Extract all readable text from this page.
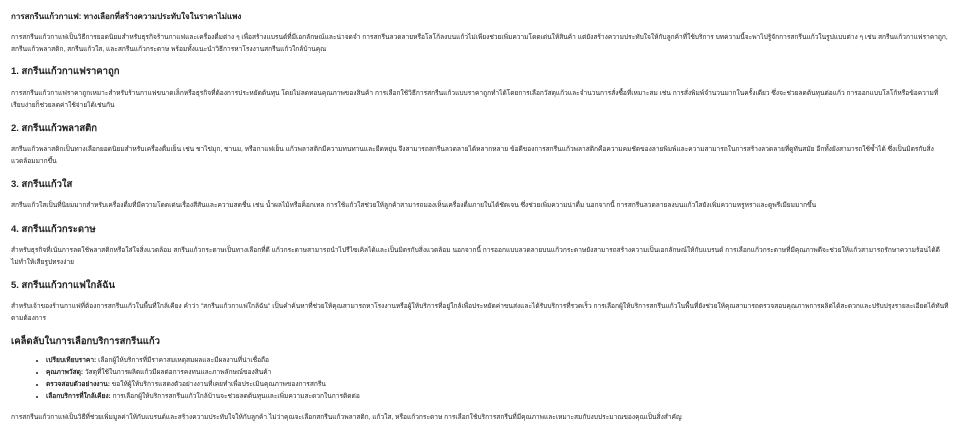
การสกรีนแก้วกาแฟ: ทางเลือกที่สร้างความประทับใจในราคาไม่แพง

การสกรีนแก้วกาแฟเป็นวิธีการยอดนิยมสำหรับธุรกิจร้านกาแฟและเครื่องดื่มต่าง ๆ เพื่อสร้างแบรนด์ที่มีเอกลักษณ์และน่าจดจำ การสกรีนลวดลายหรือโลโก้ลงบนแก้วไม่เพียงช่วยเพิ่มความโดดเด่นให้สินค้า แต่ยังสร้างความประทับใจให้กับลูกค้าที่ใช้บริการ บทความนี้จะพาไปรู้จักการสกรีนแก้วในรูปแบบต่าง ๆ เช่น สกรีนแก้วกาแฟราคาถูก, สกรีนแก้วพลาสติก, สกรีนแก้วใส, และสกรีนแก้วกระดาษ พร้อมทั้งแนะนำวิธีการหาโรงงานสกรีนแก้วใกล้บ้านคุณ

1. สกรีนแก้วกาแฟราคาถูก

การสกรีนแก้วกาแฟราคาถูกเหมาะสำหรับร้านกาแฟขนาดเล็กหรือธุรกิจที่ต้องการประหยัดต้นทุน โดยไม่ลดทอนคุณภาพของสินค้า การเลือกใช้วิธีการสกรีนแก้วแบบราคาถูกทำได้โดยการเลือกวัสดุแก้วและจำนวนการสั่งซื้อที่เหมาะสม เช่น การสั่งพิมพ์จำนวนมากในครั้งเดียว ซึ่งจะช่วยลดต้นทุนต่อแก้ว การออกแบบโลโก้หรือข้อความที่เรียบง่ายก็ช่วยลดค่าใช้จ่ายได้เช่นกัน

2. สกรีนแก้วพลาสติก

สกรีนแก้วพลาสติกเป็นทางเลือกยอดนิยมสำหรับเครื่องดื่มเย็น เช่น ชาไข่มุก, ชานม, หรือกาแฟเย็น แก้วพลาสติกมีความทนทานและยืดหยุ่น จึงสามารถสกรีนลวดลายได้หลากหลาย ข้อดีของการสกรีนแก้วพลาสติกคือความคมชัดของลายพิมพ์และความสามารถในการสร้างลวดลายที่ดูทันสมัย อีกทั้งยังสามารถใช้ซ้ำได้ ซึ่งเป็นมิตรกับสิ่งแวดล้อมมากขึ้น

3. สกรีนแก้วใส

สกรีนแก้วใสเป็นที่นิยมมากสำหรับเครื่องดื่มที่มีความโดดเด่นเรื่องสีสันและความสดชื่น เช่น น้ำผลไม้หรือค็อกเทล การใช้แก้วใสช่วยให้ลูกค้าสามารถมองเห็นเครื่องดื่มภายในได้ชัดเจน ซึ่งช่วยเพิ่มความน่าดื่ม นอกจากนี้ การสกรีนลวดลายลงบนแก้วใสยังเพิ่มความหรูหราและดูพรีเมียมมากขึ้น

4. สกรีนแก้วกระดาษ

สำหรับธุรกิจที่เน้นการลดใช้พลาสติกหรือใส่ใจสิ่งแวดล้อม สกรีนแก้วกระดาษเป็นทางเลือกที่ดี แก้วกระดาษสามารถนำไปรีไซเคิลได้และเป็นมิตรกับสิ่งแวดล้อม นอกจากนี้ การออกแบบลวดลายบนแก้วกระดาษยังสามารถสร้างความเป็นเอกลักษณ์ให้กับแบรนด์ การเลือกแก้วกระดาษที่มีคุณภาพดีจะช่วยให้แก้วสามารถรักษาความร้อนได้ดี ไม่ทำให้เสียรูปทรงง่าย

5. สกรีนแก้วกาแฟใกล้ฉัน

สำหรับเจ้าของร้านกาแฟที่ต้องการสกรีนแก้วในพื้นที่ใกล้เคียง คำว่า "สกรีนแก้วกาแฟใกล้ฉัน" เป็นคำค้นหาที่ช่วยให้คุณสามารถหาโรงงานหรือผู้ให้บริการที่อยู่ใกล้เพื่อประหยัดค่าขนส่งและได้รับบริการที่รวดเร็ว การเลือกผู้ให้บริการสกรีนแก้วในพื้นที่ยังช่วยให้คุณสามารถตรวจสอบคุณภาพการผลิตได้สะดวกและปรับปรุงรายละเอียดได้ทันทีตามต้องการ

เคล็ดลับในการเลือกบริการสกรีนแก้ว
• เปรียบเทียบราคา: เลือกผู้ให้บริการที่มีราคาสมเหตุสมผลและมีผลงานที่น่าเชื่อถือ
• คุณภาพวัสดุ: วัสดุที่ใช้ในการผลิตแก้วมีผลต่อการคงทนและภาพลักษณ์ของสินค้า
• ตรวจสอบตัวอย่างงาน: ขอให้ผู้ให้บริการแสดงตัวอย่างงานที่เคยทำเพื่อประเมินคุณภาพของการสกรีน
• เลือกบริการที่ใกล้เคียง: การเลือกผู้ให้บริการสกรีนแก้วใกล้บ้านจะช่วยลดต้นทุนและเพิ่มความสะดวกในการติดต่อ

การสกรีนแก้วกาแฟเป็นวิธีที่ช่วยเพิ่มมูลค่าให้กับแบรนด์และสร้างความประทับใจให้กับลูกค้า ไม่ว่าคุณจะเลือกสกรีนแก้วพลาสติก, แก้วใส, หรือแก้วกระดาษ การเลือกใช้บริการสกรีนที่มีคุณภาพและเหมาะสมกับงบประมาณของคุณเป็นสิ่งสำคัญ
